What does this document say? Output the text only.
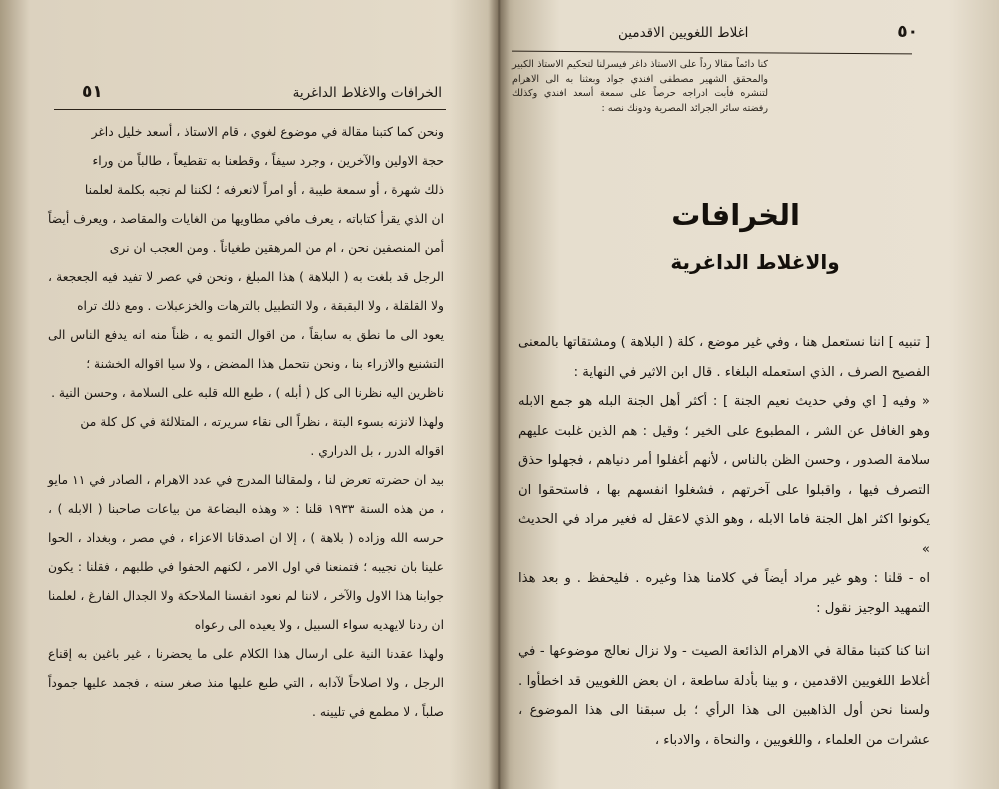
الخرافات والاغلاط الداغرية
٥١

ونحن كما كتبنا مقالة في موضوع لغوي ، قام الاستاذ ، أسعد خليل داغر

حجة الاولين والآخرين ، وجرد سيفاً ، وقطعنا به تقطيعاً ، طالباً من وراء

ذلك شهرة ، أو سمعة طيبة ، أو امراً لانعرفه ؛ لكننا لم نجبه بكلمة لعلمنا

ان الذي يقرأ كتاباته ، يعرف مافي مطاويها من الغايات والمقاصد ، ويعرف أيضاً أمن المنصفين نحن ، ام من المرهقين طغياناً . ومن العجب ان نرى

الرجل قد بلغت به ( البلاهة ) هذا المبلغ ، ونحن في عصر لا تفيد فيه الجعجعة ، ولا القلقلة ، ولا البقبقة ، ولا التطبيل بالترهات والخزعبلات . ومع ذلك تراه

يعود الى ما نطق به سابقاً ، من اقوال التمو يه ، ظناً منه انه يدفع الناس الى التشنيع والازراء بنا ، ونحن نتحمل هذا المضض ، ولا سيا اقواله الخشنة ؛

ناظرين اليه نظرنا الى كل ( أبله ) ، طبع الله قلبه على السلامة ، وحسن النية .

ولهذا لانزنه بسوء البتة ، نظراً الى نقاء سريرته ، المتلالئة في كل كلة من

اقواله الدرر ، بل الدراري .

بيد ان حضرته تعرض لنا ، ولمقالنا المدرج في عدد الاهرام ، الصادر في ١١ مايو ، من هذه السنة ١٩٣٣ قلنا : « وهذه البضاعة من بياعات صاحبنا ( الابله ) ، حرسه الله وزاده ( بلاهة ) ، إلا ان اصدقانا الاعزاء ، في مصر ، وبغداد ، الحوا علينا بان نجيبه ؛ فتمنعنا في اول الامر ، لكنهم الحفوا في طلبهم ، فقلنا : يكون جوابنا هذا الاول والآخر ، لاننا لم نعود انفسنا الملاحكة ولا الجدال الفارغ ، لعلمنا ان ردنا لايهديه سواء السبيل ، ولا يعيده الى رعواه

ولهذا عقدنا النية على ارسال هذا الكلام على ما يحضرنا ، غير باغين به إقناع الرجل ، ولا اصلاحاً لآدابه ، التي طبع عليها منذ صغر سنه ، فجمد عليها جموداً صلباً ، لا مطمع في تليينه .

٥٠
اغلاط اللغويين الاقدمين
كنا دائماً مقالا رداً على الاستاذ داغر فيسرلنا لتحكيم الاستاذ الكبير والمحقق الشهير مصطفى افندي جواد وبعثنا به الى الاهرام لتنشره فأبت ادراجه حرصاً على سمعة أسعد افندي وكذلك رفضته سائر الجرائد المصرية ودونك نصه :
الخرافات
والاغلاط الداغرية

[ تنبيه ] اننا نستعمل هنا ، وفي غير موضع ، كلة ( البلاهة ) ومشتقاتها بالمعنى الفصيح الصرف ، الذي استعمله البلغاء . قال ابن الاثير في النهاية :

« وفيه [ اي وفي حديث نعيم الجنة ] : أكثر أهل الجنة البله هو جمع الابله وهو الغافل عن الشر ، المطبوع على الخير ؛ وقيل : هم الذين غلبت عليهم سلامة الصدور ، وحسن الظن بالناس ، لأنهم أغفلوا أمر دنياهم ، فجهلوا حذق التصرف فيها ، واقبلوا على آخرتهم ، فشغلوا انفسهم بها ، فاستحقوا ان يكونوا اكثر اهل الجنة فاما الابله ، وهو الذي لاعقل له فغير مراد في الحديث »

اه - قلنا : وهو غير مراد أيضاً في كلامنا هذا وغيره . فليحفظ . و بعد هذا التمهيد الوجيز نقول :

اننا كنا كتبنا مقالة في الاهرام الذائعة الصيت - ولا نزال نعالج موضوعها - في أغلاط اللغويين الاقدمين ، و بينا بأدلة ساطعة ، ان بعض اللغويين قد اخطأوا . ولسنا نحن أول الذاهبين الى هذا الرأي ؛ بل سبقنا الى هذا الموضوع ، عشرات من العلماء ، واللغويين ، والنحاة ، والادباء ،
